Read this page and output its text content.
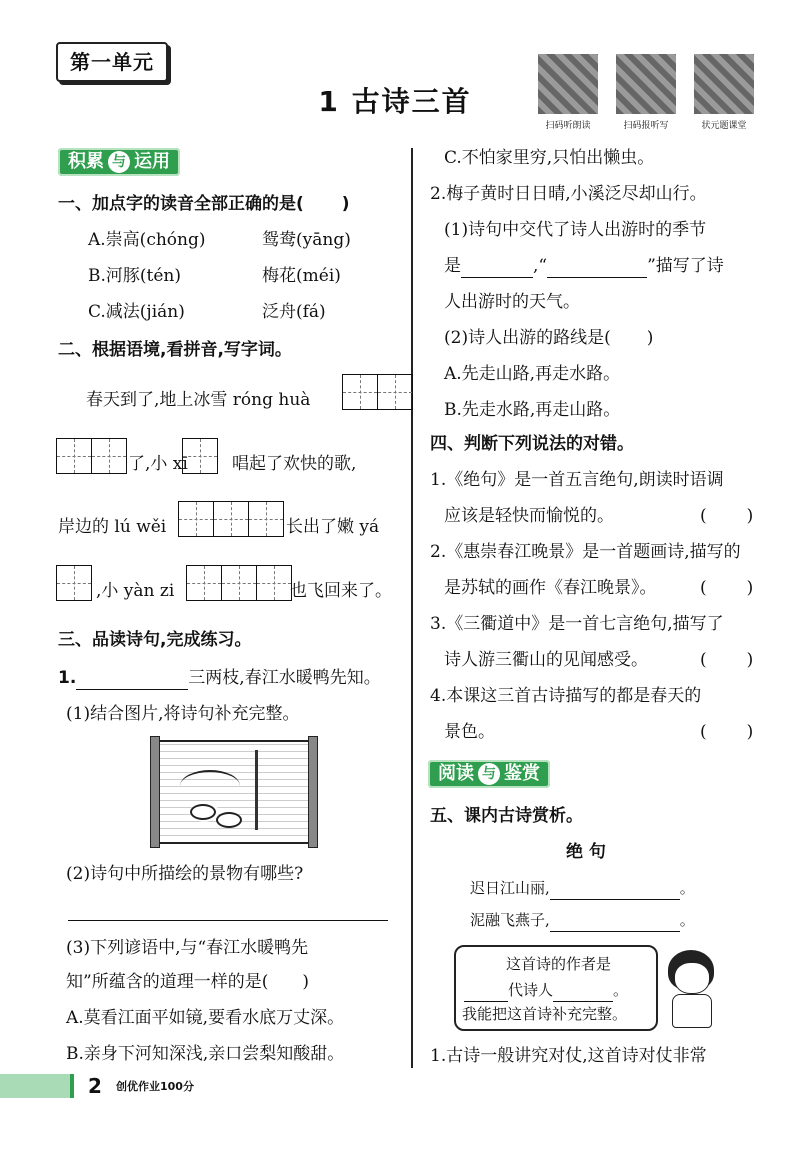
第一单元
1 古诗三首
扫码听朗读	扫码报听写	状元题课堂
积累 与 运用
一、加点字的读音全部正确的是( )
A.崇高(chóng)	鸳鸯(yāng)
B.河豚(tén)	梅花(méi)
C.减法(jián)	泛舟(fá)
二、根据语境,看拼音,写字词。
春天到了,地上冰雪 róng huà
了,小 xī	唱起了欢快的歌,
岸边的 lú wěi	长出了嫩 yá
,小 yàn zi	也飞回来了。
三、品读诗句,完成练习。
1.	三两枝,春江水暖鸭先知。
(1)结合图片,将诗句补充完整。
(2)诗句中所描绘的景物有哪些?
(3)下列谚语中,与“春江水暖鸭先
知”所蕴含的道理一样的是( )
A.莫看江面平如镜,要看水底万丈深。
B.亲身下河知深浅,亲口尝梨知酸甜。
C.不怕家里穷,只怕出懒虫。
2.梅子黄时日日晴,小溪泛尽却山行。
(1)诗句中交代了诗人出游时的季节
是	,“	”描写了诗
人出游时的天气。
(2)诗人出游的路线是( )
A.先走山路,再走水路。
B.先走水路,再走山路。
四、判断下列说法的对错。
1.《绝句》是一首五言绝句,朗读时语调
应该是轻快而愉悦的。	( )
2.《惠崇春江晚景》是一首题画诗,描写的
是苏轼的画作《春江晚景》。	( )
3.《三衢道中》是一首七言绝句,描写了
诗人游三衢山的见闻感受。	( )
4.本课这三首古诗描写的都是春天的
景色。	( )
阅读 与 鉴赏
五、课内古诗赏析。
绝 句
迟日江山丽,	。
泥融飞燕子,	。
这首诗的作者是
代诗人	。
我能把这首诗补充完整。
1.古诗一般讲究对仗,这首诗对仗非常
2 创优作业100分
